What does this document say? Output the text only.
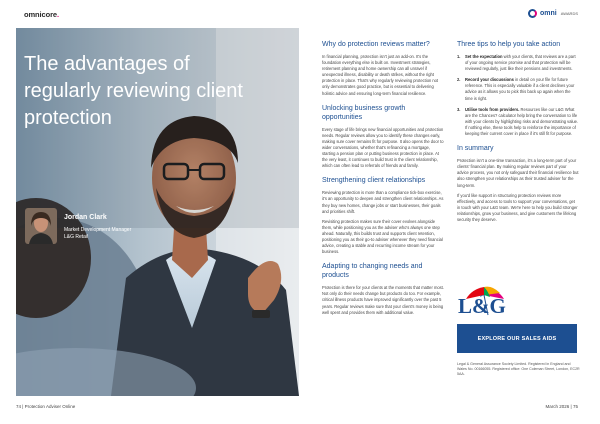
omnicore.	omni AWARDS
The advantages of regularly reviewing client protection
Jordan Clark
Market Development Manager
L&G Retail
Why do protection reviews matter?

In financial planning, protection isn't just an add-on. It's the foundation everything else is built on. Investment strategies, retirement planning and home ownership can all unravel if unexpected illness, disability or death strikes, without the right protection in place. That's why regularly reviewing protection not only demonstrates good practice, but is essential to delivering holistic advice and ensuring long-term financial resilience.

Unlocking business growth opportunities

Every stage of life brings new financial opportunities and protection needs. Regular reviews allow you to identify these changes early, making sure cover remains fit for purpose. It also opens the door to wider conversations, whether that's refinancing a mortgage, starting a pension plan or putting business protection in place. At the very least, it continues to build trust in the client relationship, which can often lead to referrals of friends and family.

Strengthening client relationships

Reviewing protection is more than a compliance tick-box exercise, it's an opportunity to deepen and strengthen client relationships. As they buy new homes, change jobs or start businesses, their goals and priorities shift.

Revisiting protection makes sure their cover evolves alongside them, while positioning you as the adviser who's always one step ahead. Naturally, this builds trust and supports client retention, positioning you as their go-to adviser whenever they need financial advice, creating a stable and recurring income stream for your business.

Adapting to changing needs and products

Protection is there for your clients at the moments that matter most. Not only do their needs change but products do too. For example, critical illness products have improved significantly over the past 5 years. Regular reviews make sure that your client's money is being well spent and provides them with additional value.

Three tips to help you take action
1.	Set the expectation with your clients, that reviews are a part of your ongoing service promise and that protection will be reviewed regularly, just like their pensions and investments.
2.	Record your discussions in detail on your file for future reference. This is especially valuable if a client declines your advice as it allows you to pick this back up again when the time is right.
3.	Utilise tools from providers. Resources like our L&G What are the Chances? calculator help bring the conversation to life with your clients by highlighting risks and demonstrating value. If nothing else, these tools help to reinforce the importance of keeping their current cover in place if it's still fit for purpose.
In summary

Protection isn't a one-time transaction, it's a long-term part of your clients' financial plan. By making regular reviews part of your advice process, you not only safeguard their financial resilience but also strengthen your relationships as their trusted adviser for the long-term.

If you'd like support in structuring protection reviews more effectively, and access to tools to support your conversations, get in touch with your L&G team. We're here to help you build stronger relationships, grow your business, and give customers the lifelong security they deserve.

L&G
EXPLORE OUR SALES AIDS

Legal & General Assurance Society Limited. Registered in England and Wales No. 00166055. Registered office: One Coleman Street, London, EC2R 5AA.

74 | Protection Adviser Online	March 2026 | 75
